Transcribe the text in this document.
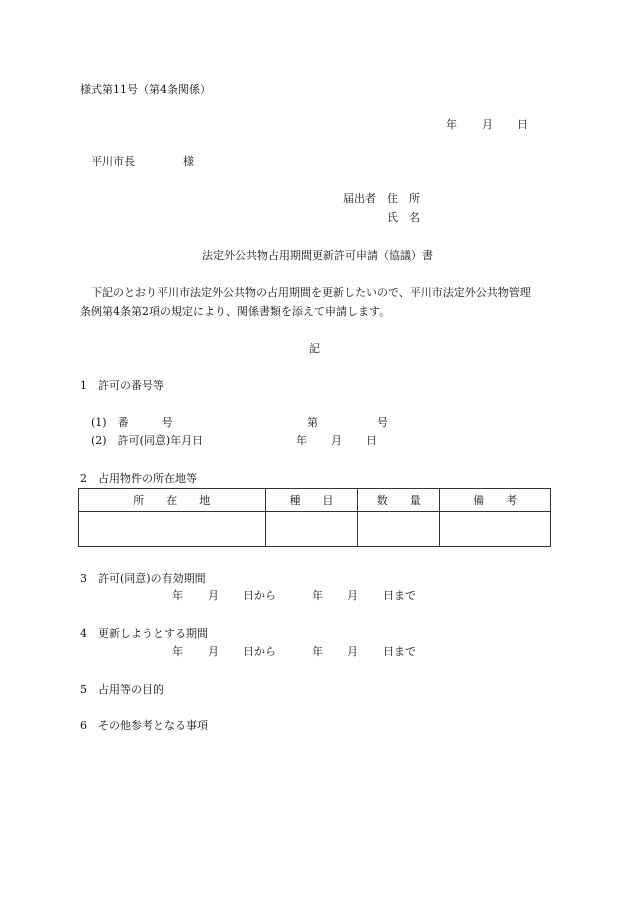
様式第11号（第4条関係）
年 月 日
平川市長	様
届出者 住　所
氏　名
法定外公共物占用期間更新許可申請（協議）書
下記のとおり平川市法定外公共物の占用期間を更新したいので、平川市法定外公共物管理
条例第4条第2項の規定により、関係書類を添えて申請します。
記
1　許可の番号等
(1)　番　　　号	第	号
(2)　許可(同意)年月日	年 月 日
2　占用物件の所在地等
所　　在　　地	種　　目	数　　量	備　　考

3　許可(同意)の有効期間
年 月 日から	年 月 日まで
4　更新しようとする期間
年 月 日から	年 月 日まで
5　占用等の目的
6　その他参考となる事項
